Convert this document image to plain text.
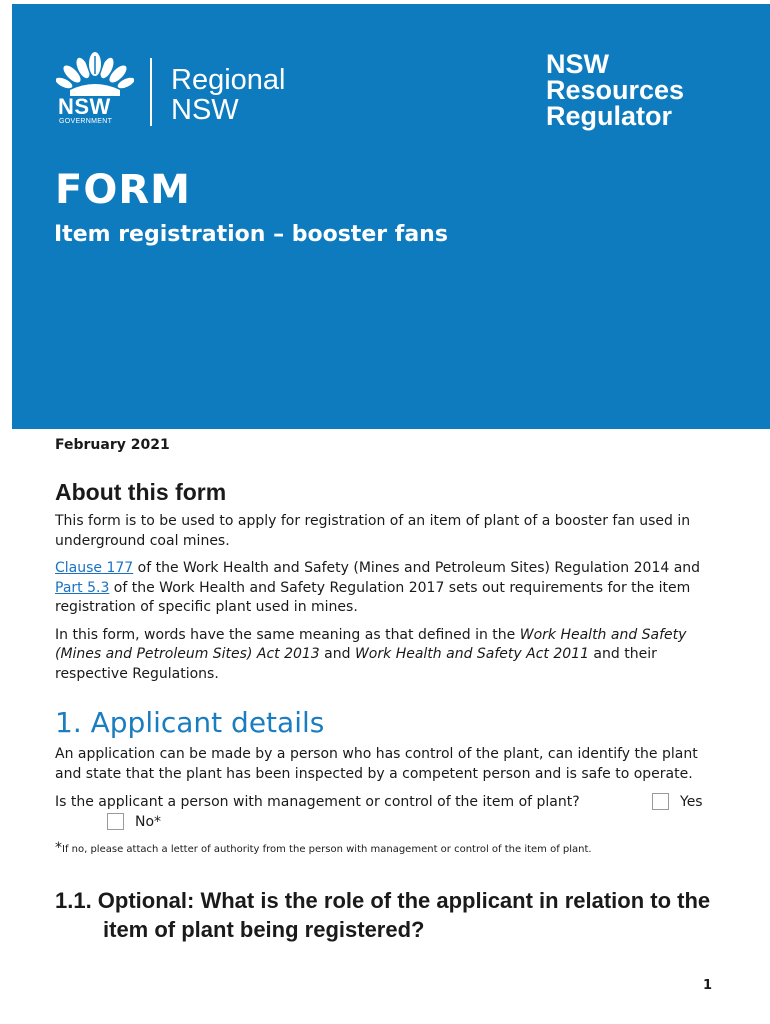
NSW
GOVERNMENT
Regional
NSW
NSW
Resources
Regulator
FORM
Item registration – booster fans
February 2021
About this form

This form is to be used to apply for registration of an item of plant of a booster fan used in underground coal mines.

Clause 177 of the Work Health and Safety (Mines and Petroleum Sites) Regulation 2014 and Part 5.3 of the Work Health and Safety Regulation 2017 sets out requirements for the item registration of specific plant used in mines.

In this form, words have the same meaning as that defined in the Work Health and Safety (Mines and Petroleum Sites) Act 2013 and Work Health and Safety Act 2011 and their respective Regulations.

1. Applicant details

An application can be made by a person who has control of the plant, can identify the plant and state that the plant has been inspected by a competent person and is safe to operate.

Is the applicant a person with management or control of the item of plant?	Yes
No*
*If no, please attach a letter of authority from the person with management or control of the item of plant.
1.1. Optional: What is the role of the applicant in relation to the item of plant being registered?
1
